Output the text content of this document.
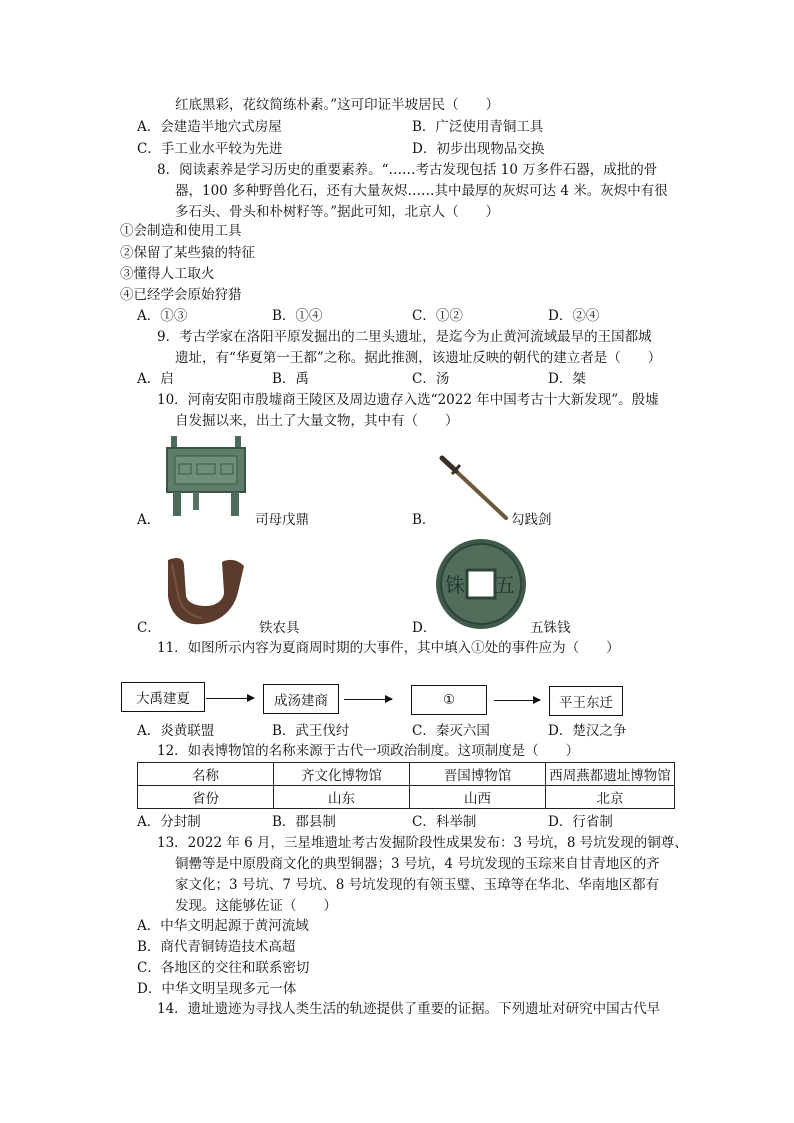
红底黑彩，花纹简练朴素。”这可印证半坡居民（　　）
A．会建造半地穴式房屋	B．广泛使用青铜工具
C．手工业水平较为先进	D．初步出现物品交换
8．阅读素养是学习历史的重要素养。“……考古发现包括 10 万多件石器，成批的骨
器，100 多种野兽化石，还有大量灰烬……其中最厚的灰烬可达 4 米。灰烬中有很
多石头、骨头和朴树籽等。”据此可知，北京人（　　）
①会制造和使用工具
②保留了某些猿的特征
③懂得人工取火
④已经学会原始狩猎
A．①③	B．①④	C．①②	D．②④
9．考古学家在洛阳平原发掘出的二里头遗址，是迄今为止黄河流域最早的王国都城
遗址，有“华夏第一王都”之称。据此推测，该遗址反映的朝代的建立者是（　　）
A．启	B．禹	C．汤	D．桀
10．河南安阳市殷墟商王陵区及周边遗存入选“2022 年中国考古十大新发现”。殷墟
自发掘以来，出土了大量文物，其中有（　　）
A．	司母戊鼎	B．	勾践剑
C．	铁农具	D．
五
铢
五铢钱
11．如图所示内容为夏商周时期的大事件，其中填入①处的事件应为（　　）
大禹建夏	成汤建商	①	平王东迁
A．炎黄联盟	B．武王伐纣	C．秦灭六国	D．楚汉之争
12．如表博物馆的名称来源于古代一项政治制度。这项制度是（　　）
名称	齐文化博物馆	晋国博物馆	西周燕都遗址博物馆
省份	山东	山西	北京
A．分封制	B．郡县制	C．科举制	D．行省制
13．2022 年 6 月，三星堆遗址考古发掘阶段性成果发布：3 号坑，8 号坑发现的铜尊、
铜罍等是中原殷商文化的典型铜器；3 号坑，4 号坑发现的玉琮来自甘青地区的齐
家文化；3 号坑、7 号坑、8 号坑发现的有领玉璧、玉璋等在华北、华南地区都有
发现。这能够佐证（　　）
A．中华文明起源于黄河流域
B．商代青铜铸造技术高超
C．各地区的交往和联系密切
D．中华文明呈现多元一体
14．遗址遗迹为寻找人类生活的轨迹提供了重要的证据。下列遗址对研究中国古代早
